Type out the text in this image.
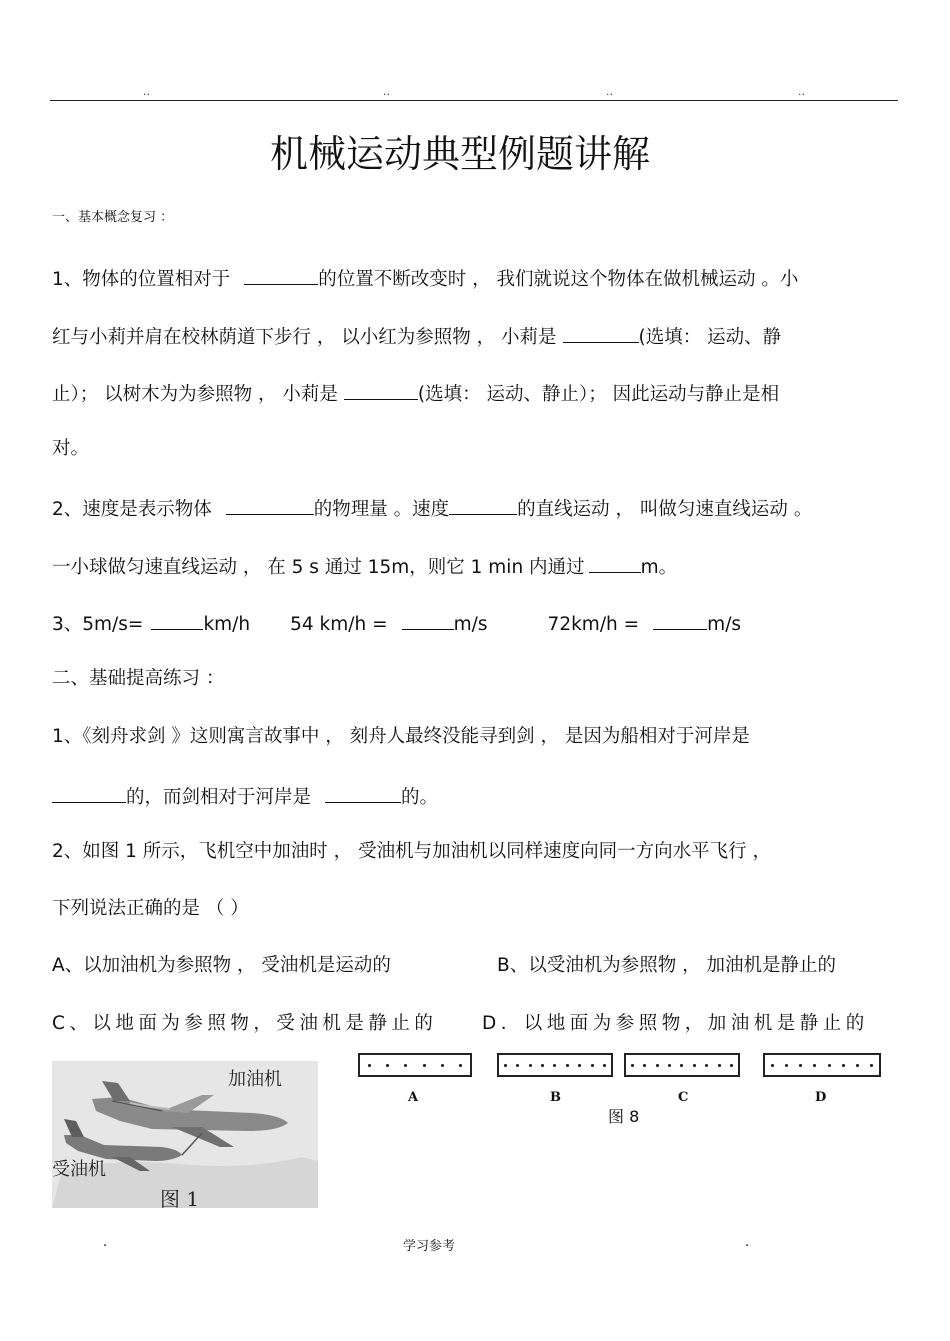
..	..	..	..
机械运动典型例题讲解
一、基本概念复习 ：
1、物体的位置相对于	的位置不断改变时 ， 我们就说这个物体在做机械运动 。小
红与小莉并肩在校林荫道下步行 ， 以小红为参照物 ， 小莉是	(选填： 运动、静
止）； 以树木为为参照物 ， 小莉是	(选填： 运动、静止）； 因此运动与静止是相
对。
2、速度是表示物体	的物理量 。速度	的直线运动 ， 叫做匀速直线运动 。
一小球做匀速直线运动 ， 在 5 s 通过 15m，则它 1 min 内通过	m。
3、5m/s=	km/h 54 km/h =	m/s	72km/h =	m/s
二、基础提高练习 ：
1、《刻舟求剑 》这则寓言故事中 ， 刻舟人最终没能寻到剑 ， 是因为船相对于河岸是
的，而剑相对于河岸是	的。
2、如图 1 所示，飞机空中加油时 ， 受油机与加油机以同样速度向同一方向水平飞行 ，
下列说法正确的是 （ ）
A、以加油机为参照物 ， 受油机是运动的	B、以受油机为参照物 ， 加油机是静止的
C、以地面为参照物，受油机是静止的 D．以地面为参照物，加油机是静止的
加油机
受油机
图 1
A	B	C	D
图 8
.	学习参考	.
